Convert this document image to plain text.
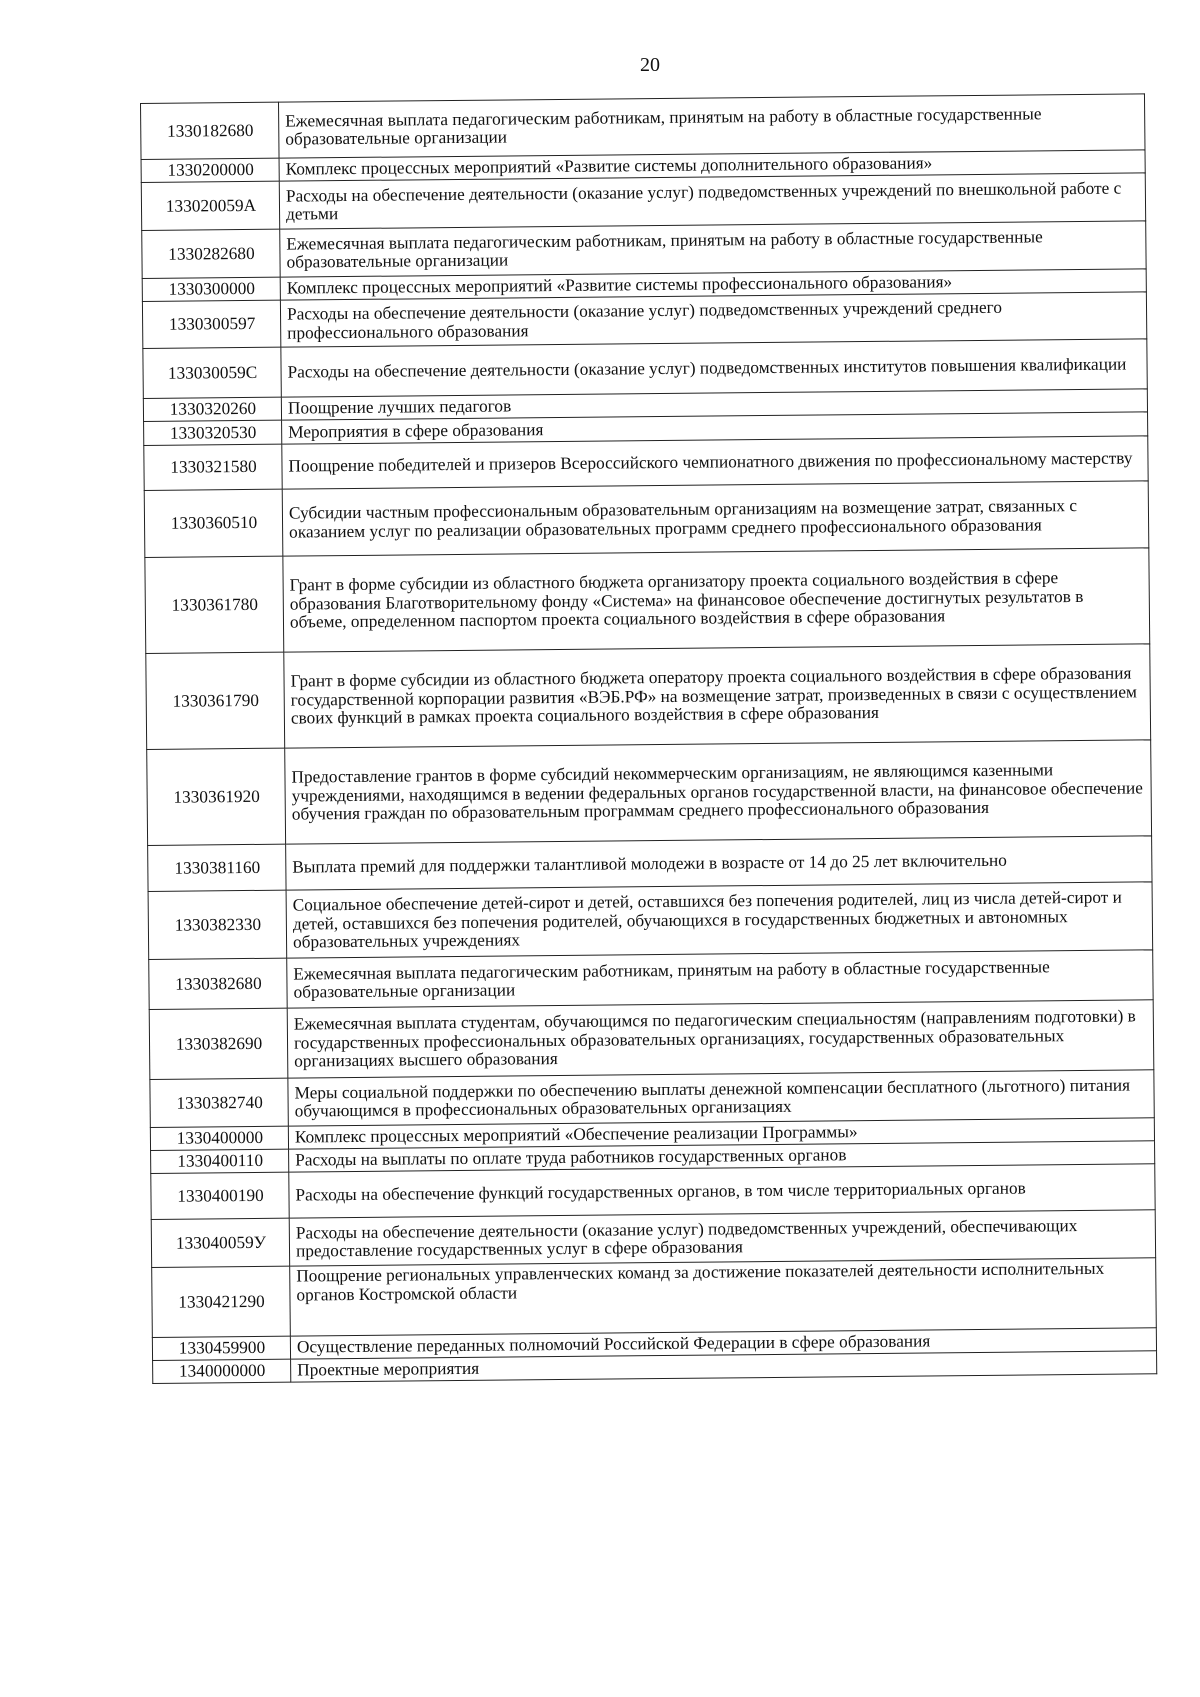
20
1330182680	Ежемесячная выплата педагогическим работникам, принятым на работу в областные государственные образовательные организации
1330200000	Комплекс процессных мероприятий «Развитие системы дополнительного образования»
133020059А	Расходы на обеспечение деятельности (оказание услуг) подведомственных учреждений по внешкольной работе с детьми
1330282680	Ежемесячная выплата педагогическим работникам, принятым на работу в областные государственные образовательные организации
1330300000	Комплекс процессных мероприятий «Развитие системы профессионального образования»
1330300597	Расходы на обеспечение деятельности (оказание услуг) подведомственных учреждений среднего профессионального образования
133030059С	Расходы на обеспечение деятельности (оказание услуг) подведомственных институтов повышения квалификации
1330320260	Поощрение лучших педагогов
1330320530	Мероприятия в сфере образования
1330321580	Поощрение победителей и призеров Всероссийского чемпионатного движения по профессиональному мастерству
1330360510	Субсидии частным профессиональным образовательным организациям на возмещение затрат, связанных с оказанием услуг по реализации образовательных программ среднего профессионального образования
1330361780	Грант в форме субсидии из областного бюджета организатору проекта социального воздействия в сфере образования Благотворительному фонду «Система» на финансовое обеспечение достигнутых результатов в объеме, определенном паспортом проекта социального воздействия в сфере образования
1330361790	Грант в форме субсидии из областного бюджета оператору проекта социального воздействия в сфере образования государственной корпорации развития «ВЭБ.РФ» на возмещение затрат, произведенных в связи с осуществлением своих функций в рамках проекта социального воздействия в сфере образования
1330361920	Предоставление грантов в форме субсидий некоммерческим организациям, не являющимся казенными учреждениями, находящимся в ведении федеральных органов государственной власти, на финансовое обеспечение обучения граждан по образовательным программам среднего профессионального образования
1330381160	Выплата премий для поддержки талантливой молодежи в возрасте от 14 до 25 лет включительно
1330382330	Социальное обеспечение детей-сирот и детей, оставшихся без попечения родителей, лиц из числа детей-сирот и детей, оставшихся без попечения родителей, обучающихся в государственных бюджетных и автономных образовательных учреждениях
1330382680	Ежемесячная выплата педагогическим работникам, принятым на работу в областные государственные образовательные организации
1330382690	Ежемесячная выплата студентам, обучающимся по педагогическим специальностям (направлениям подготовки) в государственных профессиональных образовательных организациях, государственных образовательных организациях высшего образования
1330382740	Меры социальной поддержки по обеспечению выплаты денежной компенсации бесплатного (льготного) питания обучающимся в профессиональных образовательных организациях
1330400000	Комплекс процессных мероприятий «Обеспечение реализации Программы»
1330400110	Расходы на выплаты по оплате труда работников государственных органов
1330400190	Расходы на обеспечение функций государственных органов, в том числе территориальных органов
133040059У	Расходы на обеспечение деятельности (оказание услуг) подведомственных учреждений, обеспечивающих предоставление государственных услуг в сфере образования
1330421290	Поощрение региональных управленческих команд за достижение показателей деятельности исполнительных органов Костромской области
1330459900	Осуществление переданных полномочий Российской Федерации в сфере образования
1340000000	Проектные мероприятия
